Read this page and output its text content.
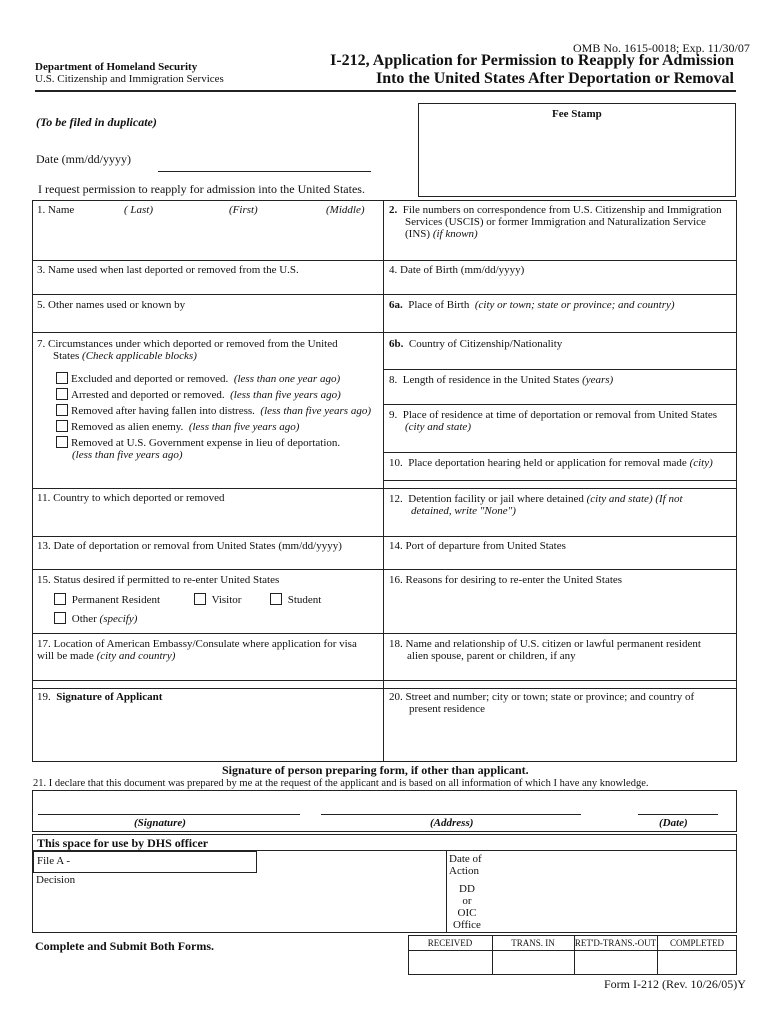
OMB No. 1615-0018; Exp. 11/30/07
Department of Homeland Security
U.S. Citizenship and Immigration Services
I-212, Application for Permission to Reapply for Admission
Into the United States After Deportation or Removal
(To be filed in duplicate)
Date (mm/dd/yyyy)
I request permission to reapply for admission into the United States.
Fee Stamp
1. Name	( Last)	(First)	(Middle) 2. File numbers on correspondence from U.S. Citizenship and Immigration
Services (USCIS) or former Immigration and Naturalization Service
(INS) (if known)
3. Name used when last deported or removed from the U.S.	4. Date of Birth (mm/dd/yyyy)
5. Other names used or known by	6a. Place of Birth (city or town; state or province; and country)
7. Circumstances under which deported or removed from the United
States (Check applicable blocks)
Excluded and deported or removed. (less than one year ago)
Arrested and deported or removed. (less than five years ago)
Removed after having fallen into distress. (less than five years ago)
Removed as alien enemy. (less than five years ago)
Removed at U.S. Government expense in lieu of deportation.
(less than five years ago)
6b. Country of Citizenship/Nationality
8. Length of residence in the United States (years)
9. Place of residence at time of deportation or removal from United States
(city and state)
10. Place deportation hearing held or application for removal made (city)
11. Country to which deported or removed	12. Detention facility or jail where detained (city and state) (If not
detained, write "None")
13. Date of deportation or removal from United States (mm/dd/yyyy)	14. Port of departure from United States
15. Status desired if permitted to re-enter United States
Permanent Resident	Visitor	Student
Other (specify)
16. Reasons for desiring to re-enter the United States
17. Location of American Embassy/Consulate where application for visa
will be made (city and country)
18. Name and relationship of U.S. citizen or lawful permanent resident
alien spouse, parent or children, if any
19. Signature of Applicant	20. Street and number; city or town; state or province; and country of
present residence
Signature of person preparing form, if other than applicant.
21. I declare that this document was prepared by me at the request of the applicant and is based on all information of which I have any knowledge.
(Signature)	(Address)	(Date)
This space for use by DHS officer
File A -
Decision
Date of
Action
DD
or
OIC
Office
Complete and Submit Both Forms.	RECEIVED	TRANS. IN	RET'D-TRANS.-OUT	COMPLETED
Form I-212 (Rev. 10/26/05)Y
